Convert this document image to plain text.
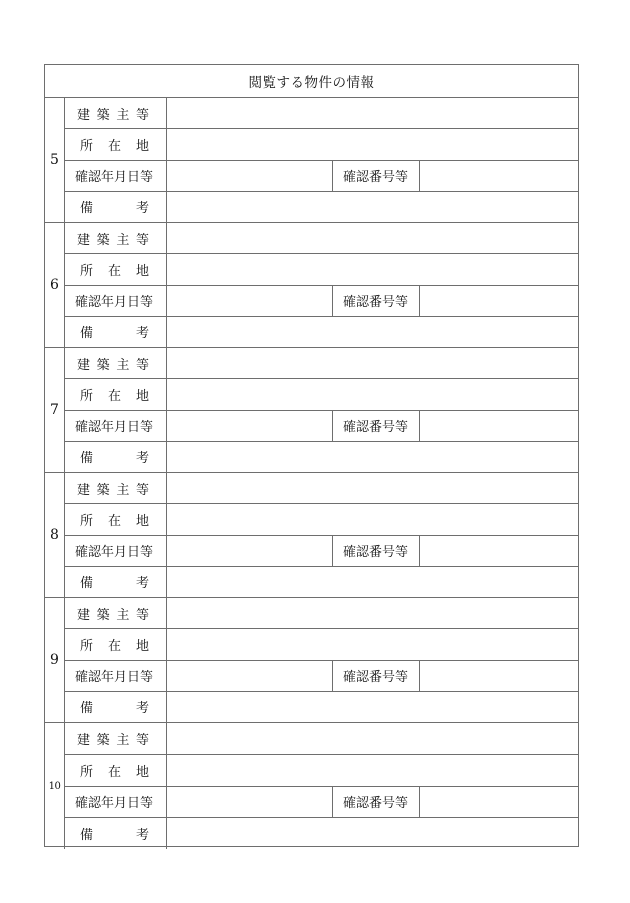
閲覧する物件の情報
5
建 築 主 等
所 在 地
確認年月日等	確認番号等
備	考
6
建 築 主 等
所 在 地
確認年月日等	確認番号等
備	考
7
建 築 主 等
所 在 地
確認年月日等	確認番号等
備	考
8
建 築 主 等
所 在 地
確認年月日等	確認番号等
備	考
9
建 築 主 等
所 在 地
確認年月日等	確認番号等
備	考
10
建 築 主 等
所 在 地
確認年月日等	確認番号等
備	考
